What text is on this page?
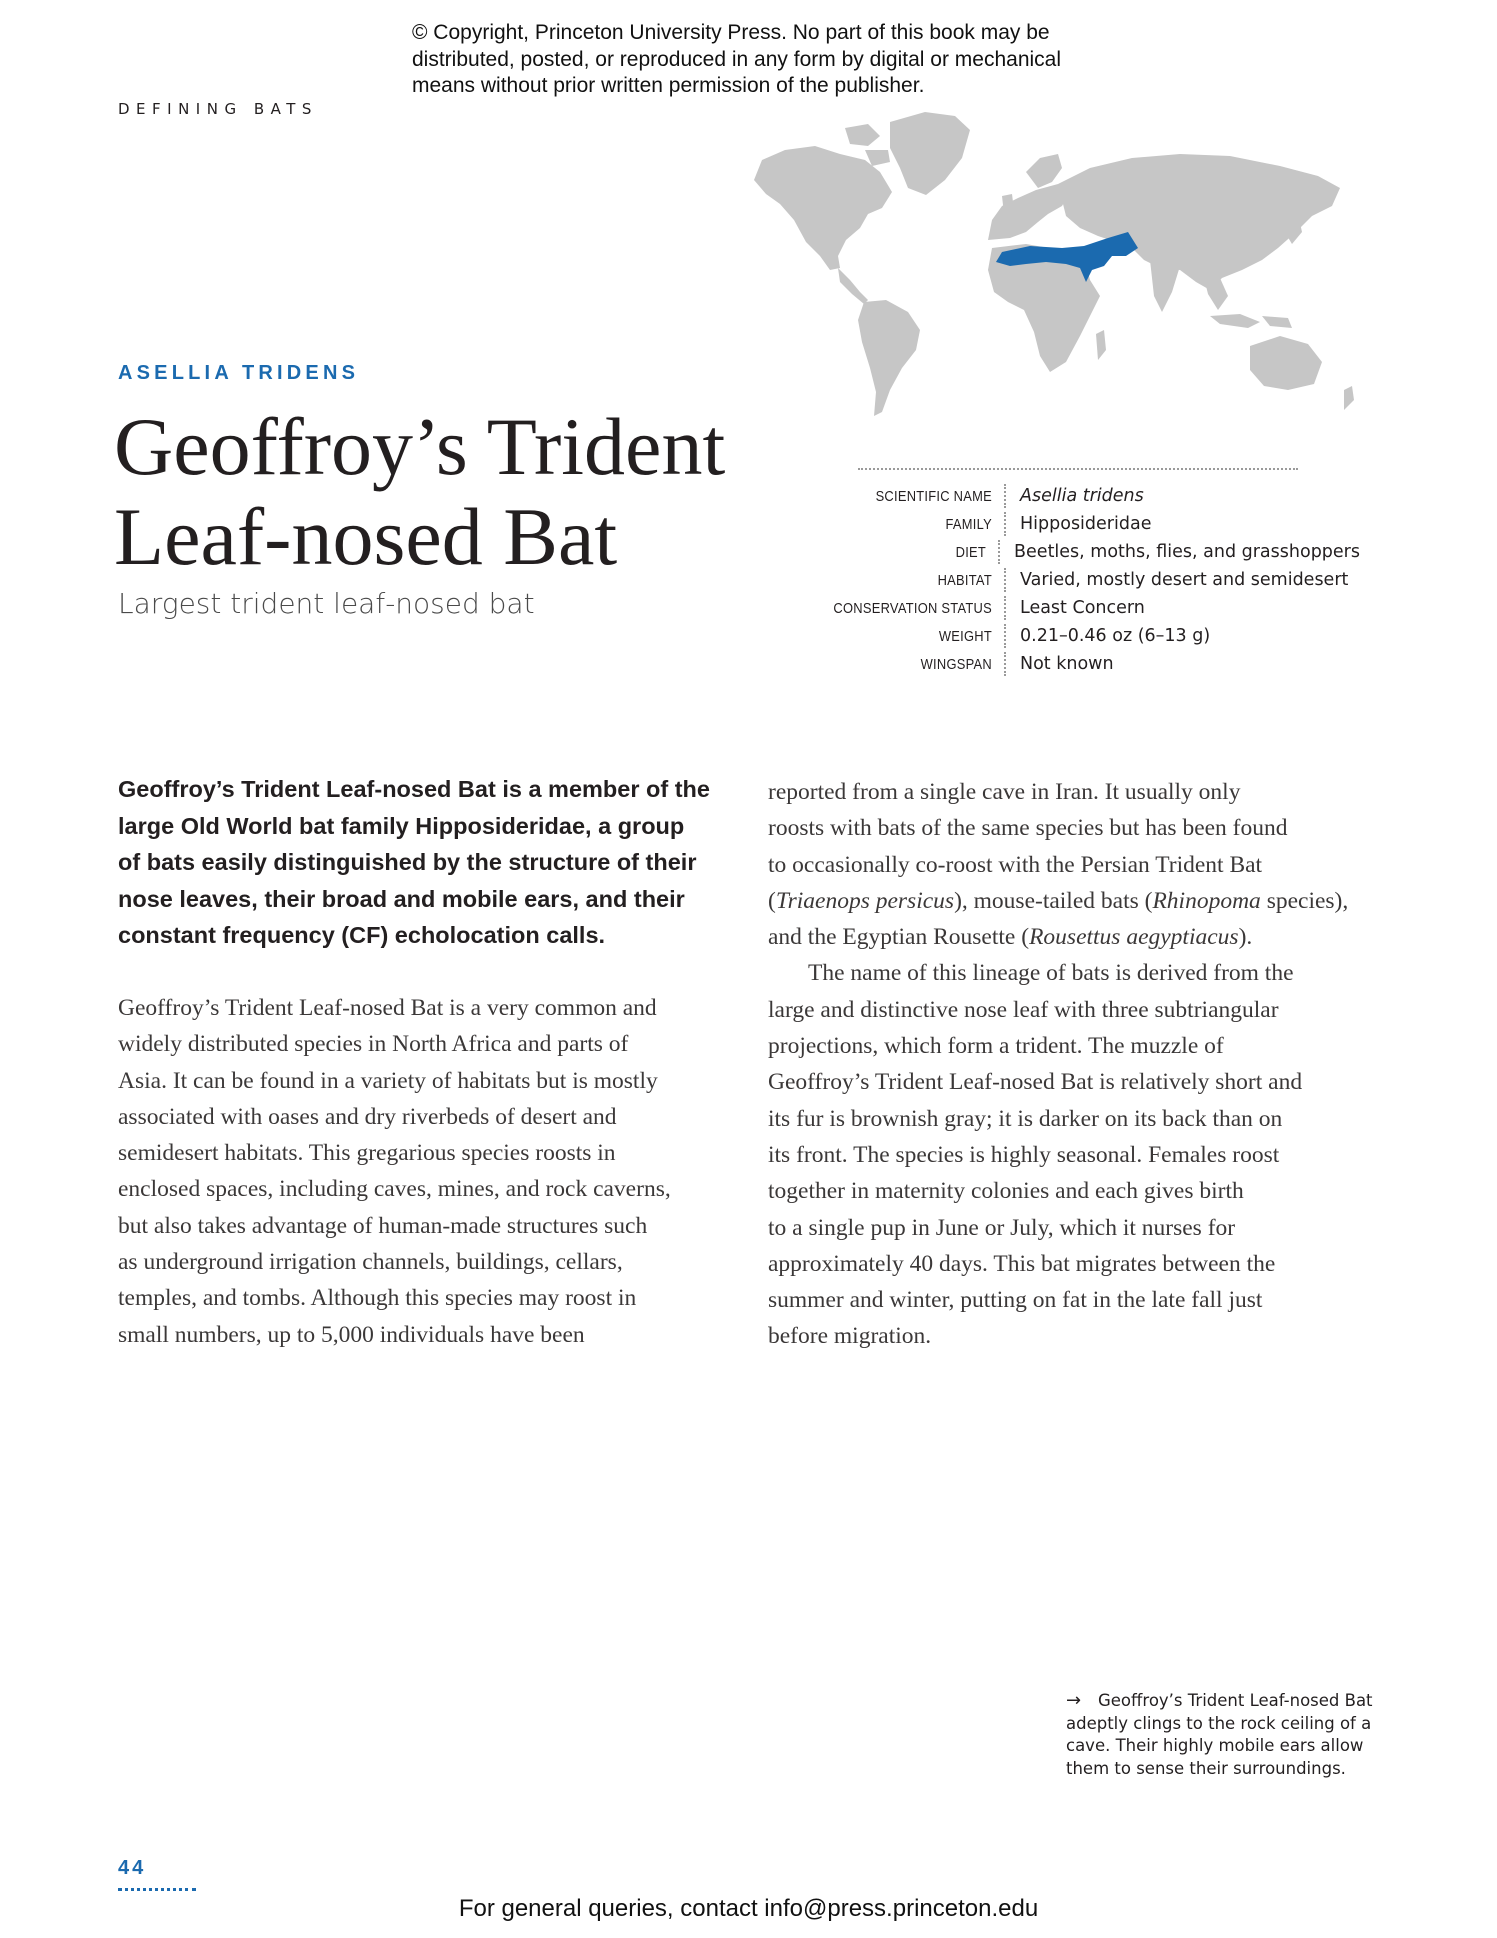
© Copyright, Princeton University Press. No part of this book may be
distributed, posted, or reproduced in any form by digital or mechanical
means without prior written permission of the publisher.
DEFINING BATS
ASELLIA TRIDENS
Geoffroy’s Trident
Leaf-nosed Bat
Largest trident leaf-nosed bat
SCIENTIFIC NAME	Asellia tridens
FAMILY	Hipposideridae
DIET	Beetles, moths, flies, and grasshoppers
HABITAT	Varied, mostly desert and semidesert
CONSERVATION STATUS	Least Concern
WEIGHT	0.21–0.46 oz (6–13 g)
WINGSPAN	Not known
Geoffroy’s Trident Leaf-nosed Bat is a member of the
large Old World bat family Hipposideridae, a group
of bats easily distinguished by the structure of their
nose leaves, their broad and mobile ears, and their
constant frequency (CF) echolocation calls.
Geoffroy’s Trident Leaf-nosed Bat is a very common and
widely distributed species in North Africa and parts of
Asia. It can be found in a variety of habitats but is mostly
associated with oases and dry riverbeds of desert and
semidesert habitats. This gregarious species roosts in
enclosed spaces, including caves, mines, and rock caverns,
but also takes advantage of human-made structures such
as underground irrigation channels, buildings, cellars,
temples, and tombs. Although this species may roost in
small numbers, up to 5,000 individuals have been
reported from a single cave in Iran. It usually only
roosts with bats of the same species but has been found
to occasionally co-roost with the Persian Trident Bat
(Triaenops persicus), mouse-tailed bats (Rhinopoma species),
and the Egyptian Rousette (Rousettus aegyptiacus).
The name of this lineage of bats is derived from the
large and distinctive nose leaf with three subtriangular
projections, which form a trident. The muzzle of
Geoffroy’s Trident Leaf-nosed Bat is relatively short and
its fur is brownish gray; it is darker on its back than on
its front. The species is highly seasonal. Females roost
together in maternity colonies and each gives birth
to a single pup in June or July, which it nurses for
approximately 40 days. This bat migrates between the
summer and winter, putting on fat in the late fall just
before migration.
→ Geoffroy’s Trident Leaf-nosed Bat
adeptly clings to the rock ceiling of a
cave. Their highly mobile ears allow
them to sense their surroundings.
44
For general queries, contact info@press.princeton.edu
